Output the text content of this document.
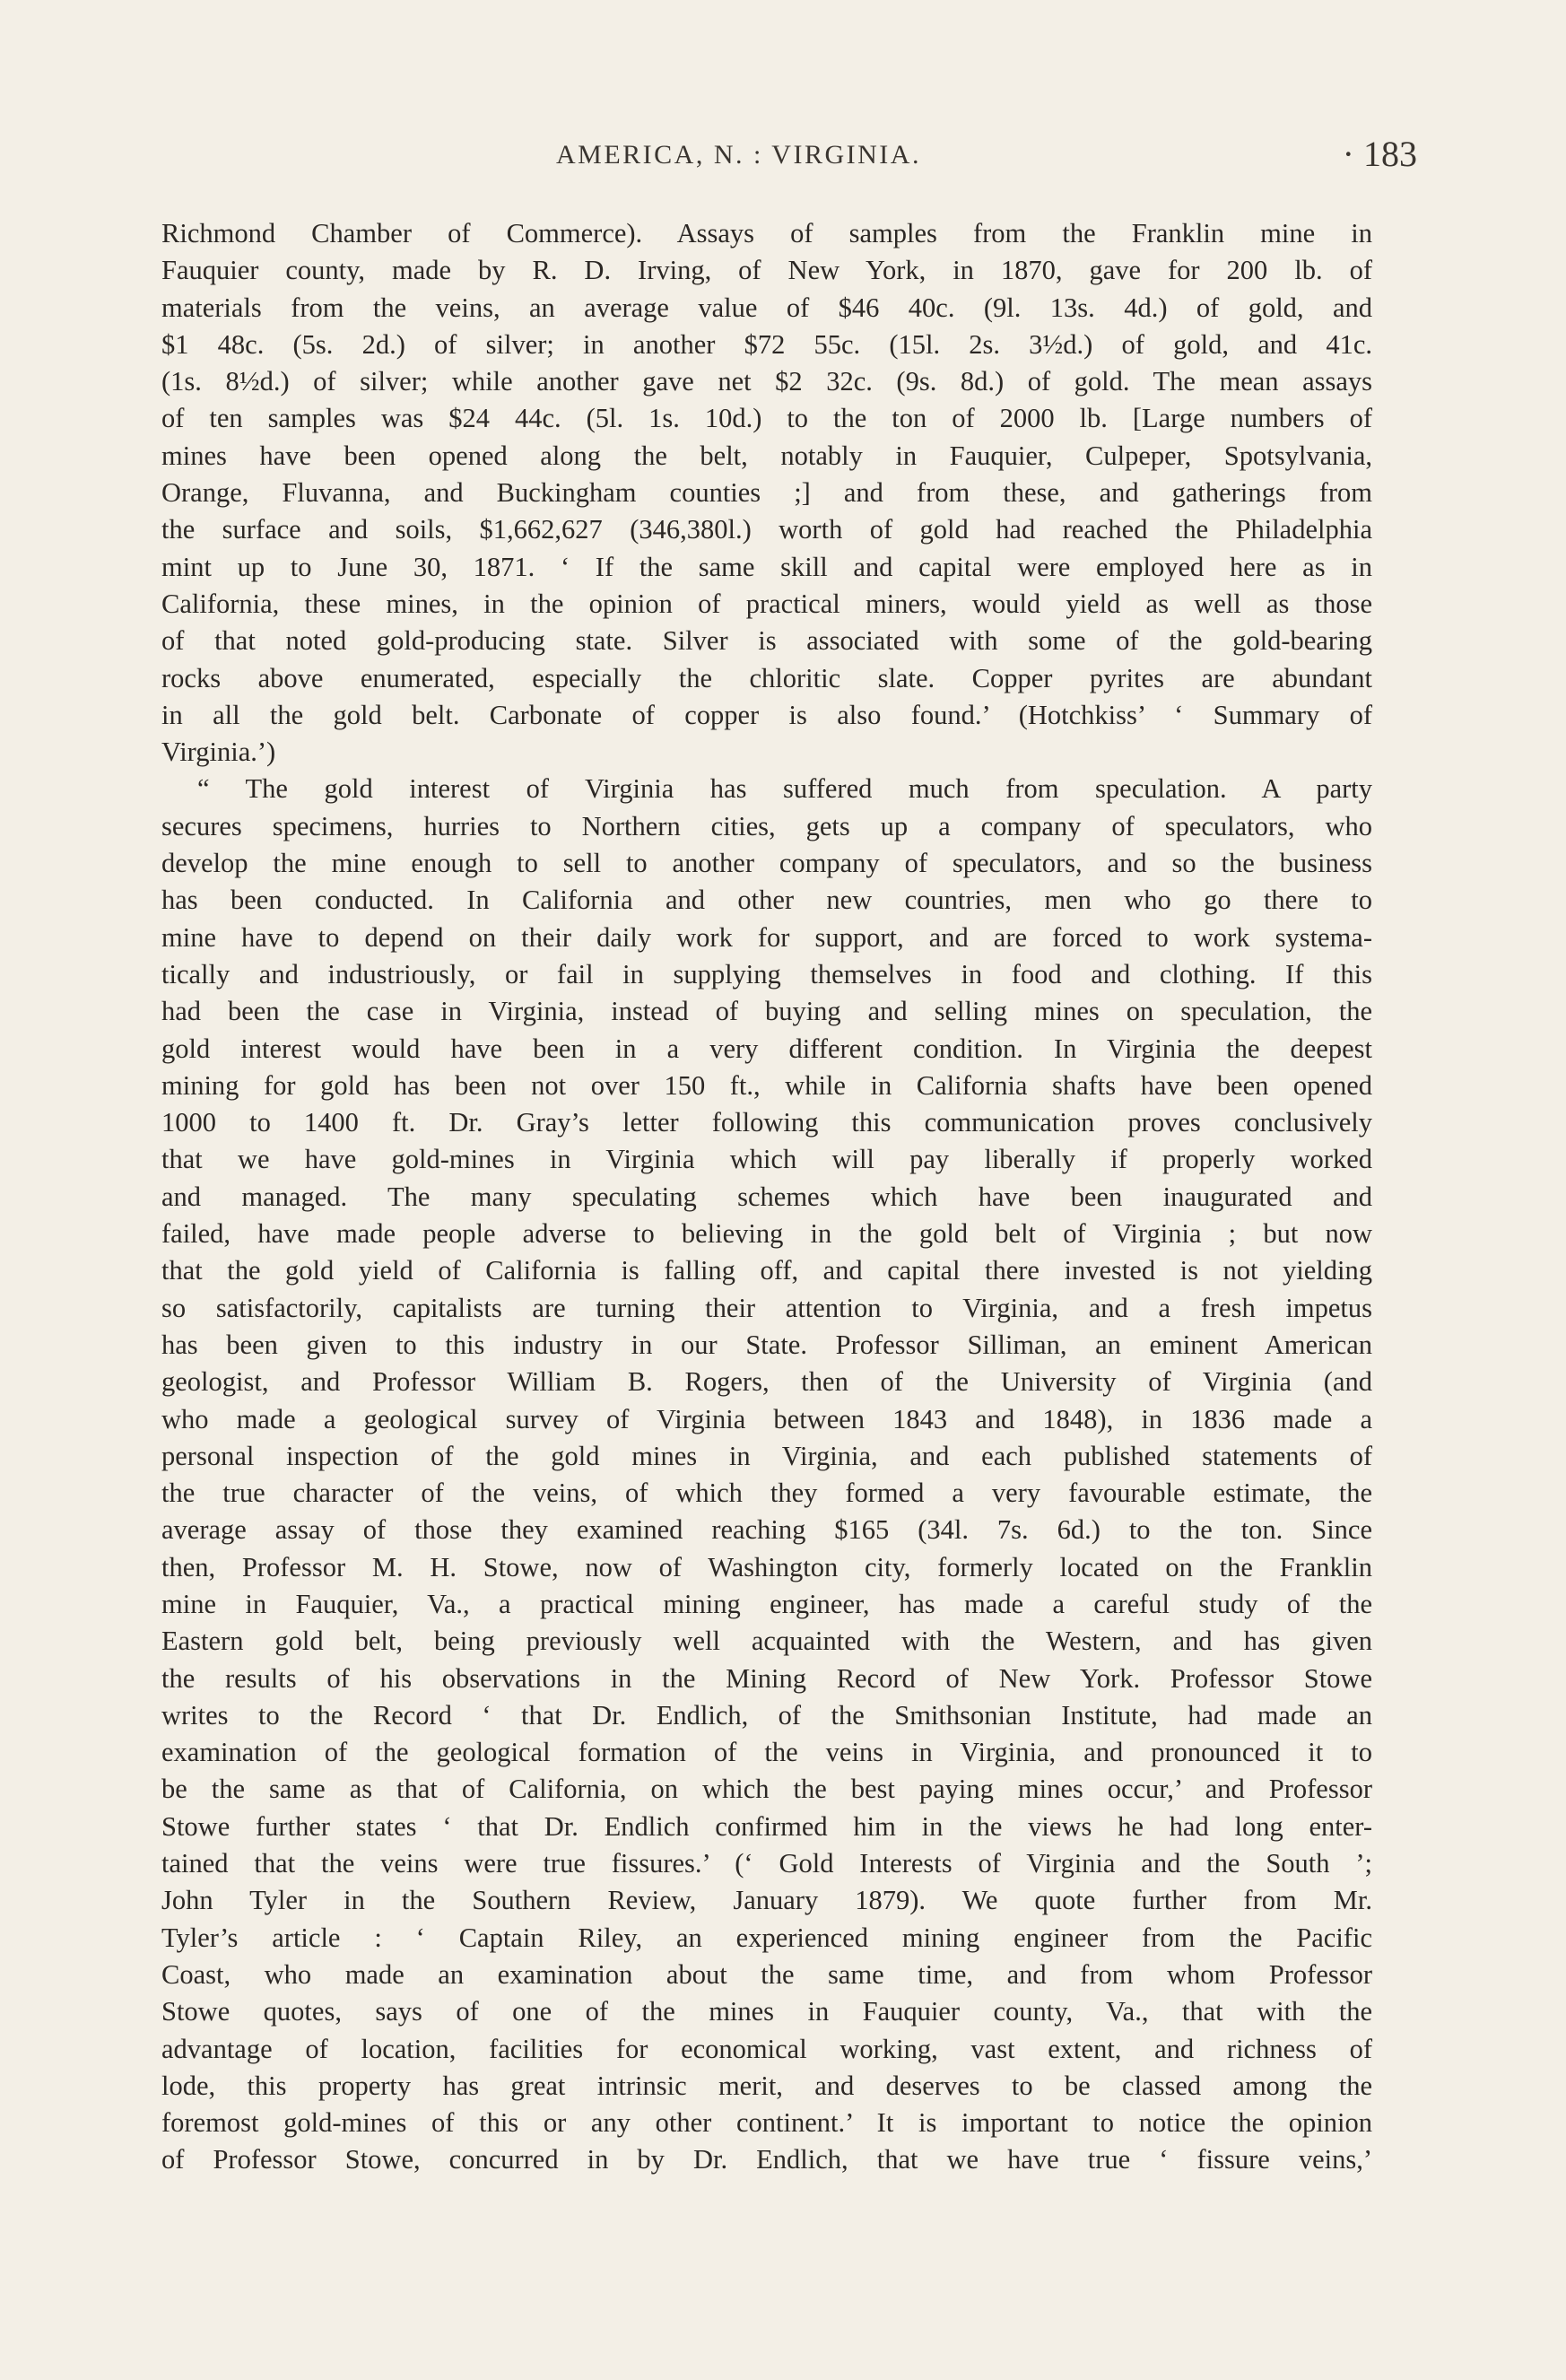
AMERICA, N. : VIRGINIA.	· 183
Richmond Chamber of Commerce). Assays of samples from the Franklin mine in
Fauquier county, made by R. D. Irving, of New York, in 1870, gave for 200 lb. of
materials from the veins, an average value of $46 40c. (9l. 13s. 4d.) of gold, and
$1 48c. (5s. 2d.) of silver; in another $72 55c. (15l. 2s. 3½d.) of gold, and 41c.
(1s. 8½d.) of silver; while another gave net $2 32c. (9s. 8d.) of gold. The mean assays
of ten samples was $24 44c. (5l. 1s. 10d.) to the ton of 2000 lb. [Large numbers of
mines have been opened along the belt, notably in Fauquier, Culpeper, Spotsylvania,
Orange, Fluvanna, and Buckingham counties ;] and from these, and gatherings from
the surface and soils, $1,662,627 (346,380l.) worth of gold had reached the Philadelphia
mint up to June 30, 1871. ‘ If the same skill and capital were employed here as in
California, these mines, in the opinion of practical miners, would yield as well as those
of that noted gold-producing state. Silver is associated with some of the gold-bearing
rocks above enumerated, especially the chloritic slate. Copper pyrites are abundant
in all the gold belt. Carbonate of copper is also found.’ (Hotchkiss’ ‘ Summary of
Virginia.’)
“ The gold interest of Virginia has suffered much from speculation. A party
secures specimens, hurries to Northern cities, gets up a company of speculators, who
develop the mine enough to sell to another company of speculators, and so the business
has been conducted. In California and other new countries, men who go there to
mine have to depend on their daily work for support, and are forced to work systema-
tically and industriously, or fail in supplying themselves in food and clothing. If this
had been the case in Virginia, instead of buying and selling mines on speculation, the
gold interest would have been in a very different condition. In Virginia the deepest
mining for gold has been not over 150 ft., while in California shafts have been opened
1000 to 1400 ft. Dr. Gray’s letter following this communication proves conclusively
that we have gold-mines in Virginia which will pay liberally if properly worked
and managed. The many speculating schemes which have been inaugurated and
failed, have made people adverse to believing in the gold belt of Virginia ; but now
that the gold yield of California is falling off, and capital there invested is not yielding
so satisfactorily, capitalists are turning their attention to Virginia, and a fresh impetus
has been given to this industry in our State. Professor Silliman, an eminent American
geologist, and Professor William B. Rogers, then of the University of Virginia (and
who made a geological survey of Virginia between 1843 and 1848), in 1836 made a
personal inspection of the gold mines in Virginia, and each published statements of
the true character of the veins, of which they formed a very favourable estimate, the
average assay of those they examined reaching $165 (34l. 7s. 6d.) to the ton. Since
then, Professor M. H. Stowe, now of Washington city, formerly located on the Franklin
mine in Fauquier, Va., a practical mining engineer, has made a careful study of the
Eastern gold belt, being previously well acquainted with the Western, and has given
the results of his observations in the Mining Record of New York. Professor Stowe
writes to the Record ‘ that Dr. Endlich, of the Smithsonian Institute, had made an
examination of the geological formation of the veins in Virginia, and pronounced it to
be the same as that of California, on which the best paying mines occur,’ and Professor
Stowe further states ‘ that Dr. Endlich confirmed him in the views he had long enter-
tained that the veins were true fissures.’ (‘ Gold Interests of Virginia and the South ’;
John Tyler in the Southern Review, January 1879). We quote further from Mr.
Tyler’s article : ‘ Captain Riley, an experienced mining engineer from the Pacific
Coast, who made an examination about the same time, and from whom Professor
Stowe quotes, says of one of the mines in Fauquier county, Va., that with the
advantage of location, facilities for economical working, vast extent, and richness of
lode, this property has great intrinsic merit, and deserves to be classed among the
foremost gold-mines of this or any other continent.’ It is important to notice the opinion
of Professor Stowe, concurred in by Dr. Endlich, that we have true ‘ fissure veins,’
